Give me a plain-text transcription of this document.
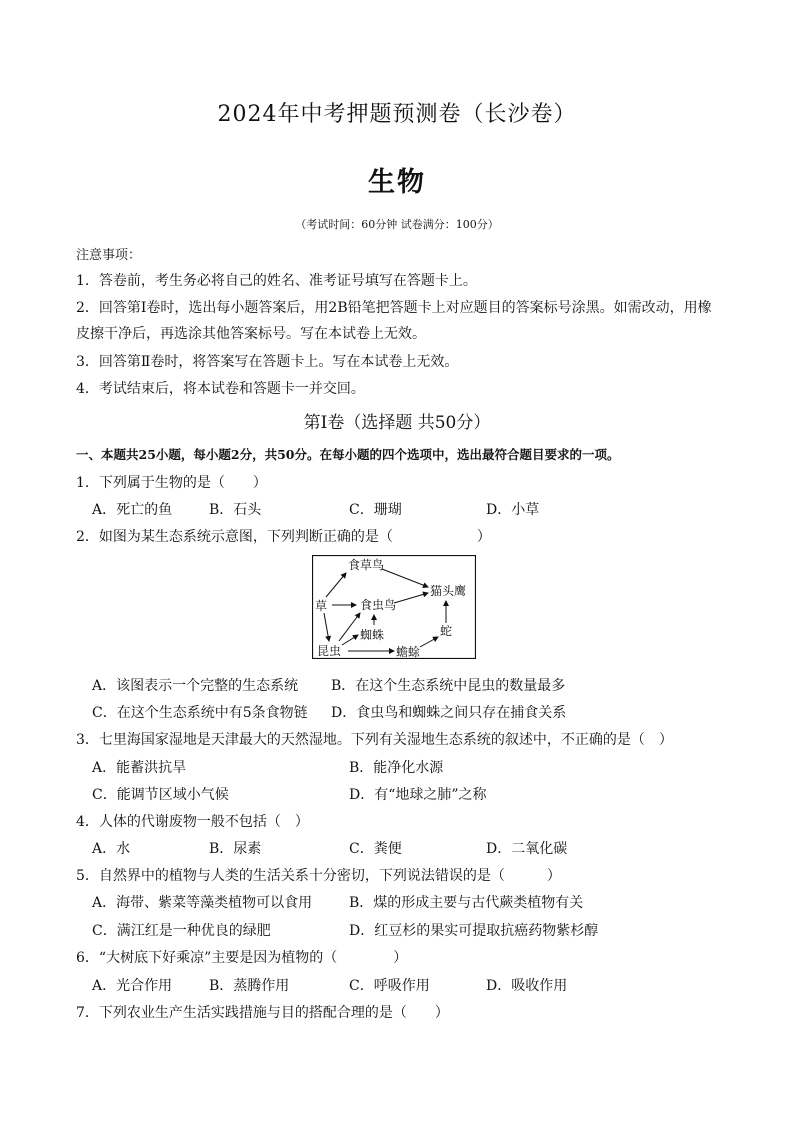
2024年中考押题预测卷（长沙卷）
生物
（考试时间：60分钟 试卷满分：100分）
注意事项：
1．答卷前，考生务必将自己的姓名、准考证号填写在答题卡上。
2．回答第Ⅰ卷时，选出每小题答案后，用2B铅笔把答题卡上对应题目的答案标号涂黑。如需改动，用橡
皮擦干净后，再选涂其他答案标号。写在本试卷上无效。
3．回答第Ⅱ卷时，将答案写在答题卡上。写在本试卷上无效。
4．考试结束后，将本试卷和答题卡一并交回。
第Ⅰ卷（选择题 共50分）
一、本题共25小题，每小题2分，共50分。在每小题的四个选项中，选出最符合题目要求的一项。
1．下列属于生物的是（　　）
A．死亡的鱼	B．石头	C．珊瑚	D．小草
2．如图为某生态系统示意图，下列判断正确的是（　　　　　　）
食草鸟
草	食虫鸟
猫头鹰
蜘蛛	蛇
昆虫	蟾蜍
A．该图表示一个完整的生态系统 B．在这个生态系统中昆虫的数量最多
C．在这个生态系统中有5条食物链 D．食虫鸟和蜘蛛之间只存在捕食关系
3．七里海国家湿地是天津最大的天然湿地。下列有关湿地生态系统的叙述中，不正确的是（　）
A．能蓄洪抗旱	B．能净化水源
C．能调节区域小气候	D．有“地球之肺”之称
4．人体的代谢废物一般不包括（　）
A．水	B．尿素	C．粪便	D．二氧化碳
5．自然界中的植物与人类的生活关系十分密切，下列说法错误的是（　　　）
A．海带、紫菜等藻类植物可以食用	B．煤的形成主要与古代蕨类植物有关
C．满江红是一种优良的绿肥	D．红豆杉的果实可提取抗癌药物紫杉醇
6．“大树底下好乘凉”主要是因为植物的（　　　　）
A．光合作用	B．蒸腾作用	C．呼吸作用	D．吸收作用
7．下列农业生产生活实践措施与目的搭配合理的是（　　）
